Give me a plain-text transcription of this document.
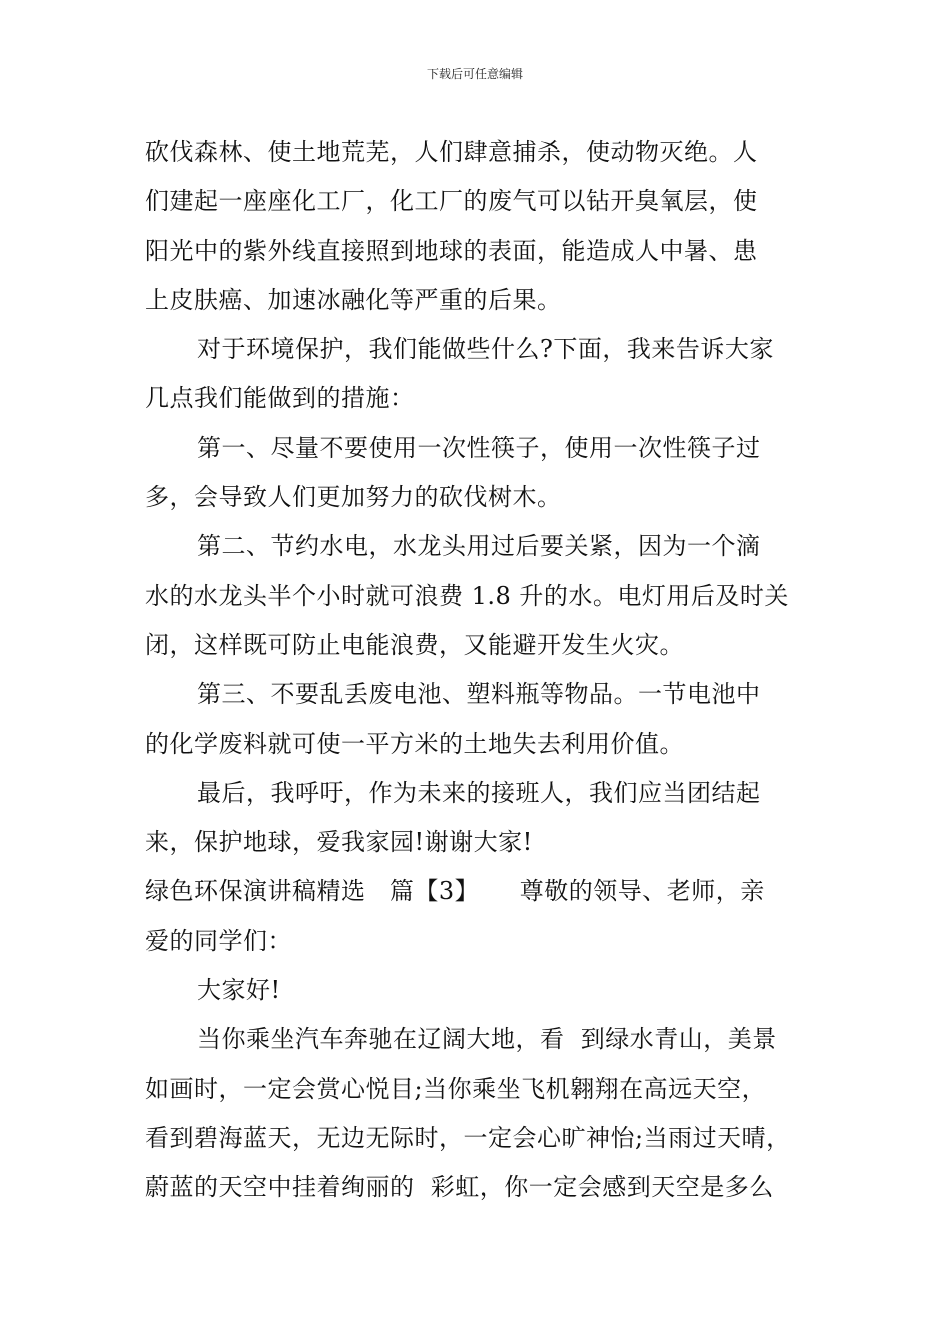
下载后可任意编辑
砍伐森林、使土地荒芜，人们肆意捕杀，使动物灭绝。人
们建起一座座化工厂，化工厂的废气可以钻开臭氧层，使
阳光中的紫外线直接照到地球的表面，能造成人中暑、患
上皮肤癌、加速冰融化等严重的后果。
对于环境保护，我们能做些什么?下面，我来告诉大家
几点我们能做到的措施：
第一、尽量不要使用一次性筷子，使用一次性筷子过
多，会导致人们更加努力的砍伐树木。
第二、节约水电，水龙头用过后要关紧，因为一个滴
水的水龙头半个小时就可浪费 1.8 升的水。电灯用后及时关
闭，这样既可防止电能浪费，又能避开发生火灾。
第三、不要乱丢废电池、塑料瓶等物品。一节电池中
的化学废料就可使一平方米的土地失去利用价值。
最后，我呼吁，作为未来的接班人，我们应当团结起
来，保护地球，爱我家园!谢谢大家!
绿色环保演讲稿精选   篇【3】     尊敬的领导、老师，亲
爱的同学们：
大家好!
当你乘坐汽车奔驰在辽阔大地，看  到绿水青山，美景
如画时，一定会赏心悦目;当你乘坐飞机翱翔在高远天空，
看到碧海蓝天，无边无际时，一定会心旷神怡;当雨过天晴，
蔚蓝的天空中挂着绚丽的  彩虹，你一定会感到天空是多么
